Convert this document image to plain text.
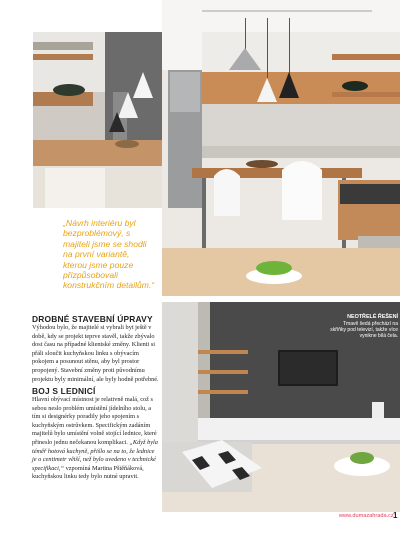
„Návrh interiéru byl bezproblémový, s majiteli jsme se shodli na první variantě, kterou jsme pouze přizpůsobovali konstrukčním detailům.“
DROBNÉ STAVEBNÍ ÚPRAVY
Výhodou bylo, že majitelé si vybrali byt ještě v době, kdy se projekt teprve stavěl, takže zbývalo dost času na případné klientské změny. Klienti si přáli sloučit kuchyňskou linku s obývacím pokojem a posunout stěnu, aby byl prostor propojený. Stavební změny proti původnímu projektu byly minimální, ale byly hodně potřebné.
BOJ S LEDNICÍ
Hlavní obývací místnost je relativně malá, což s sebou neslo problém umístění jídelního stolu, a tím si designérky poradily jeho spojením s kuchyňským ostrůvkem. Specifickým zadáním majitelů bylo umístění volně stojící lednice, které přineslo jednu nečekanou komplikaci. „Když byla téměř hotová kuchyně, přišlo se na to, že lednice je o centimetr větší, než bylo uvedeno v technické specifikaci,“ vzpomíná Martina Pštěňáková, kuchyňskou linku tedy bylo nutné upravit.
NEOTŘELÉ ŘEŠENÍ
Tmavě šedá přechází na skříňky pod televizí, takže více vynikne bílá čela.
www.dumazahrada.cz 1
